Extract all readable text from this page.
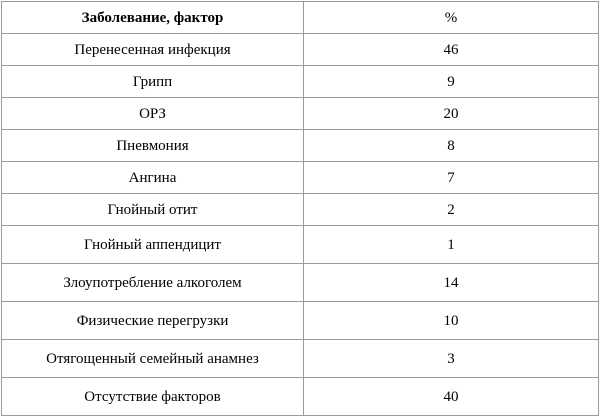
Заболевание, фактор	%
Перенесенная инфекция	46
Грипп	9
ОРЗ	20
Пневмония	8
Ангина	7
Гнойный отит	2
Гнойный аппендицит	1
Злоупотребление алкоголем	14
Физические перегрузки	10
Отягощенный семейный анамнез	3
Отсутствие факторов	40
